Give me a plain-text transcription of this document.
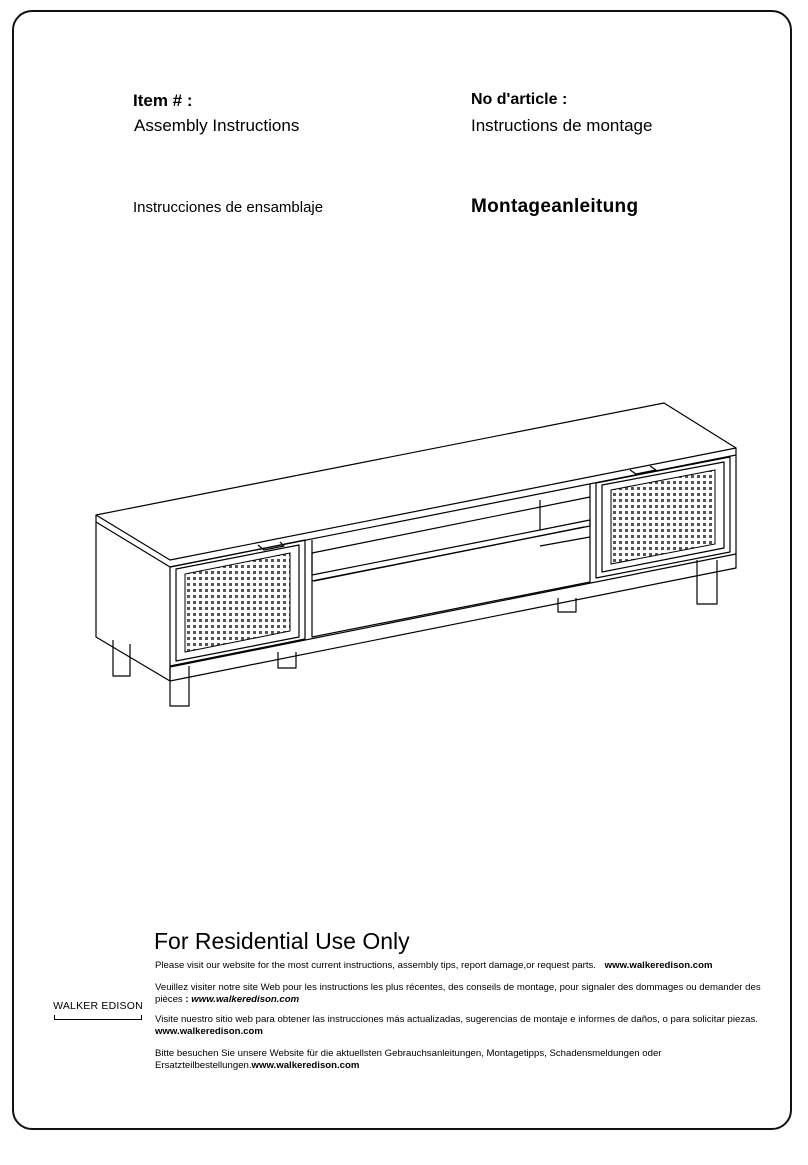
Item # :
Assembly Instructions
No d'article :
Instructions de montage
Instrucciones de ensamblaje	Montageanleitung
For Residential Use Only
Please visit our website for the most current instructions, assembly tips, report damage,or request parts. www.walkeredison.com
Veuillez visiter notre site Web pour les instructions les plus récentes, des conseils de montage, pour signaler des dommages ou demander des pièces : www.walkeredison.com
Visite nuestro sitio web para obtener las instrucciones más actualizadas, sugerencias de montaje e informes de daños, o para solicitar piezas. www.walkeredison.com
Bitte besuchen Sie unsere Website für die aktuellsten Gebrauchsanleitungen, Montagetipps, Schadensmeldungen oder Ersatzteilbestellungen.www.walkeredison.com
WALKER EDISON
